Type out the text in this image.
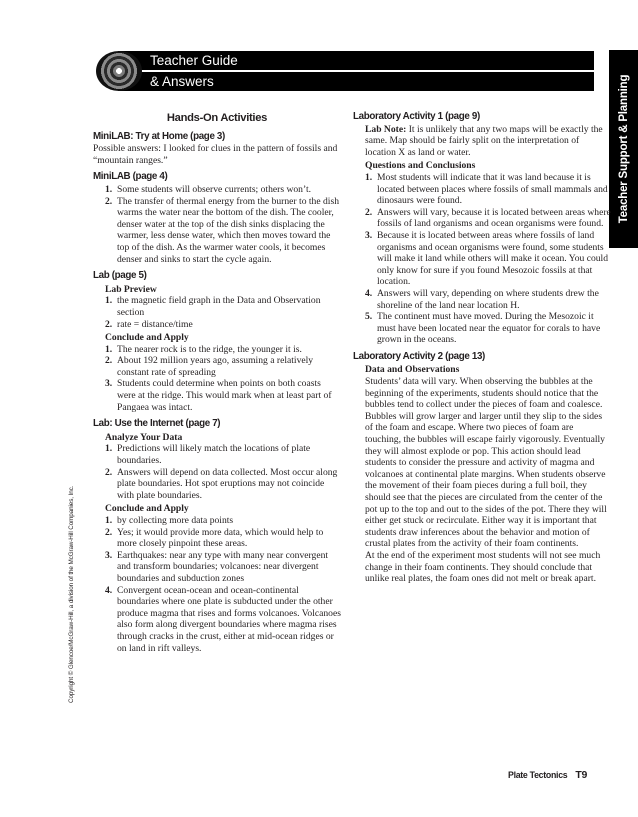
Teacher Guide
& Answers	Teacher Support & Planning
Copyright © Glencoe/McGraw-Hill, a division of the McGraw-Hill Companies, Inc.
Hands-On Activities
MiniLAB: Try at Home (page 3)

Possible answers: I looked for clues in the pattern of fossils and “mountain ranges.”

MiniLAB (page 4)
1. Some students will observe currents; others won’t.
2. The transfer of thermal energy from the burner to the dish warms the water near the bottom of the dish. The cooler, denser water at the top of the dish sinks displacing the warmer, less dense water, which then moves toward the top of the dish. As the warmer water cools, it becomes denser and sinks to start the cycle again.
Lab (page 5)
Lab Preview
1. the magnetic field graph in the Data and Observation section
2. rate = distance/time
Conclude and Apply
1. The nearer rock is to the ridge, the younger it is.
2. About 192 million years ago, assuming a relatively constant rate of spreading
3. Students could determine when points on both coasts were at the ridge. This would mark when at least part of Pangaea was intact.
Lab: Use the Internet (page 7)
Analyze Your Data
1. Predictions will likely match the locations of plate boundaries.
2. Answers will depend on data collected. Most occur along plate boundaries. Hot spot eruptions may not coincide with plate boundaries.
Conclude and Apply
1. by collecting more data points
2. Yes; it would provide more data, which would help to more closely pinpoint these areas.
3. Earthquakes: near any type with many near convergent and transform boundaries; volcanoes: near divergent boundaries and subduction zones
4. Convergent ocean-ocean and ocean-continental boundaries where one plate is subducted under the other produce magma that rises and forms volcanoes. Volcanoes also form along divergent boundaries where magma rises through cracks in the crust, either at mid-ocean ridges or on land in rift valleys.
Laboratory Activity 1 (page 9)

Lab Note: It is unlikely that any two maps will be exactly the same. Map should be fairly split on the interpretation of location X as land or water.

Questions and Conclusions
1. Most students will indicate that it was land because it is located between places where fossils of small mammals and dinosaurs were found.
2. Answers will vary, because it is located between areas where fossils of land organisms and ocean organisms were found.
3. Because it is located between areas where fossils of land organisms and ocean organisms were found, some students will make it land while others will make it ocean. You could only know for sure if you found Mesozoic fossils at that location.
4. Answers will vary, depending on where students drew the shoreline of the land near location H.
5. The continent must have moved. During the Mesozoic it must have been located near the equator for corals to have grown in the oceans.
Laboratory Activity 2 (page 13)
Data and Observations

Students’ data will vary. When observing the bubbles at the beginning of the experiments, students should notice that the bubbles tend to collect under the pieces of foam and coalesce. Bubbles will grow larger and larger until they slip to the sides of the foam and escape. Where two pieces of foam are touching, the bubbles will escape fairly vigorously. Eventually they will almost explode or pop. This action should lead students to consider the pressure and activity of magma and volcanoes at continental plate margins. When students observe the movement of their foam pieces during a full boil, they should see that the pieces are circulated from the center of the pot up to the top and out to the sides of the pot. There they will either get stuck or recirculate. Either way it is important that students draw inferences about the behavior and motion of crustal plates from the activity of their foam continents.

At the end of the experiment most students will not see much change in their foam continents. They should conclude that unlike real plates, the foam ones did not melt or break apart.

Plate Tectonics T9
